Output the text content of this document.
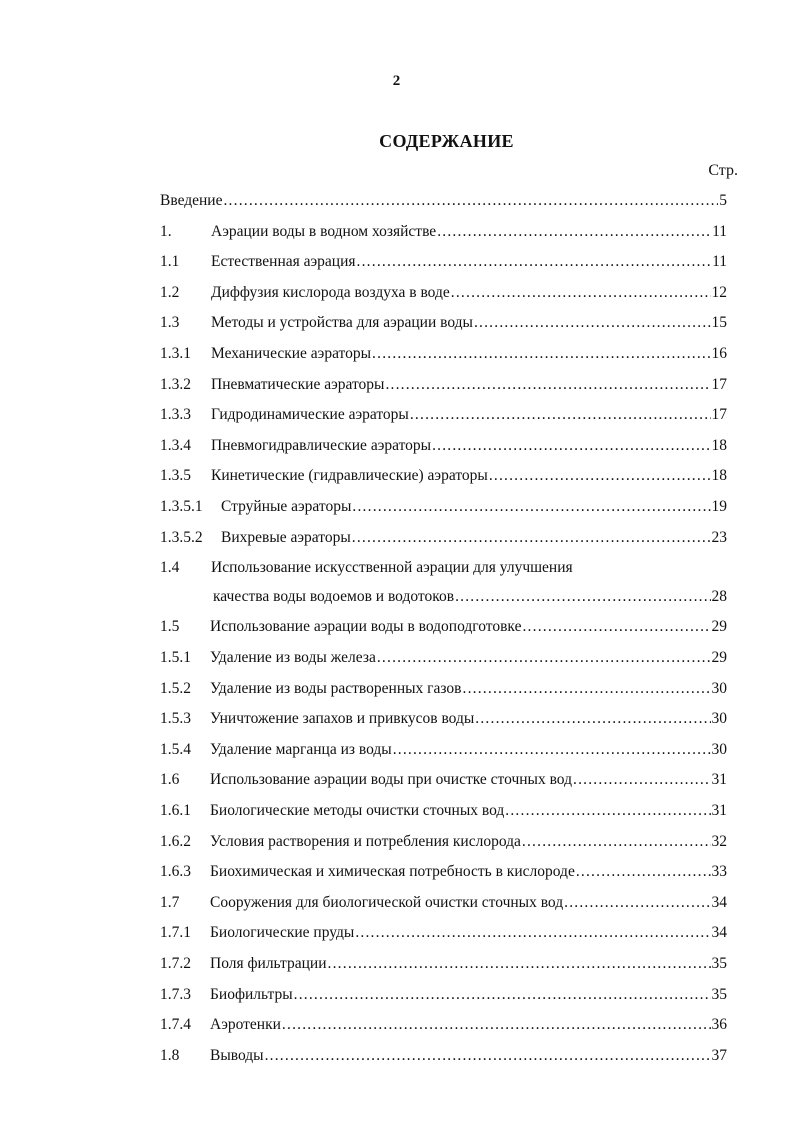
2
СОДЕРЖАНИЕ
Стр.
Введение .....	5
1.	Аэрации воды в водном хозяйстве .....	11
1.1 Естественная аэрация .....	11
1.2 Диффузия кислорода воздуха в воде .....	12
1.3 Методы и устройства для аэрации воды .....	15
1.3.1 Механические аэраторы .....	16
1.3.2 Пневматические аэраторы .....	17
1.3.3 Гидродинамические аэраторы .....	17
1.3.4 Пневмогидравлические аэраторы .....	18
1.3.5 Кинетические (гидравлические) аэраторы .....	18
1.3.5.1 Струйные аэраторы .....	19
1.3.5.2 Вихревые аэраторы .....	23
1.4 Использование искусственной аэрации для улучшения
качества воды водоемов и водотоков .....	28
1.5 Использование аэрации воды в водоподготовке .....	29
1.5.1 Удаление из воды железа .....	29
1.5.2 Удаление из воды растворенных газов .....	30
1.5.3 Уничтожение запахов и привкусов воды .....	30
1.5.4 Удаление марганца из воды .....	30
1.6 Использование аэрации воды при очистке сточных вод .....	31
1.6.1 Биологические методы очистки сточных вод .....	31
1.6.2 Условия растворения и потребления кислорода .....	32
1.6.3 Биохимическая и химическая потребность в кислороде .....	33
1.7 Сооружения для биологической очистки сточных вод .....	34
1.7.1 Биологические пруды .....	34
1.7.2 Поля фильтрации .....	35
1.7.3 Биофильтры .....	35
1.7.4 Аэротенки .....	36
1.8 Выводы .....	37
